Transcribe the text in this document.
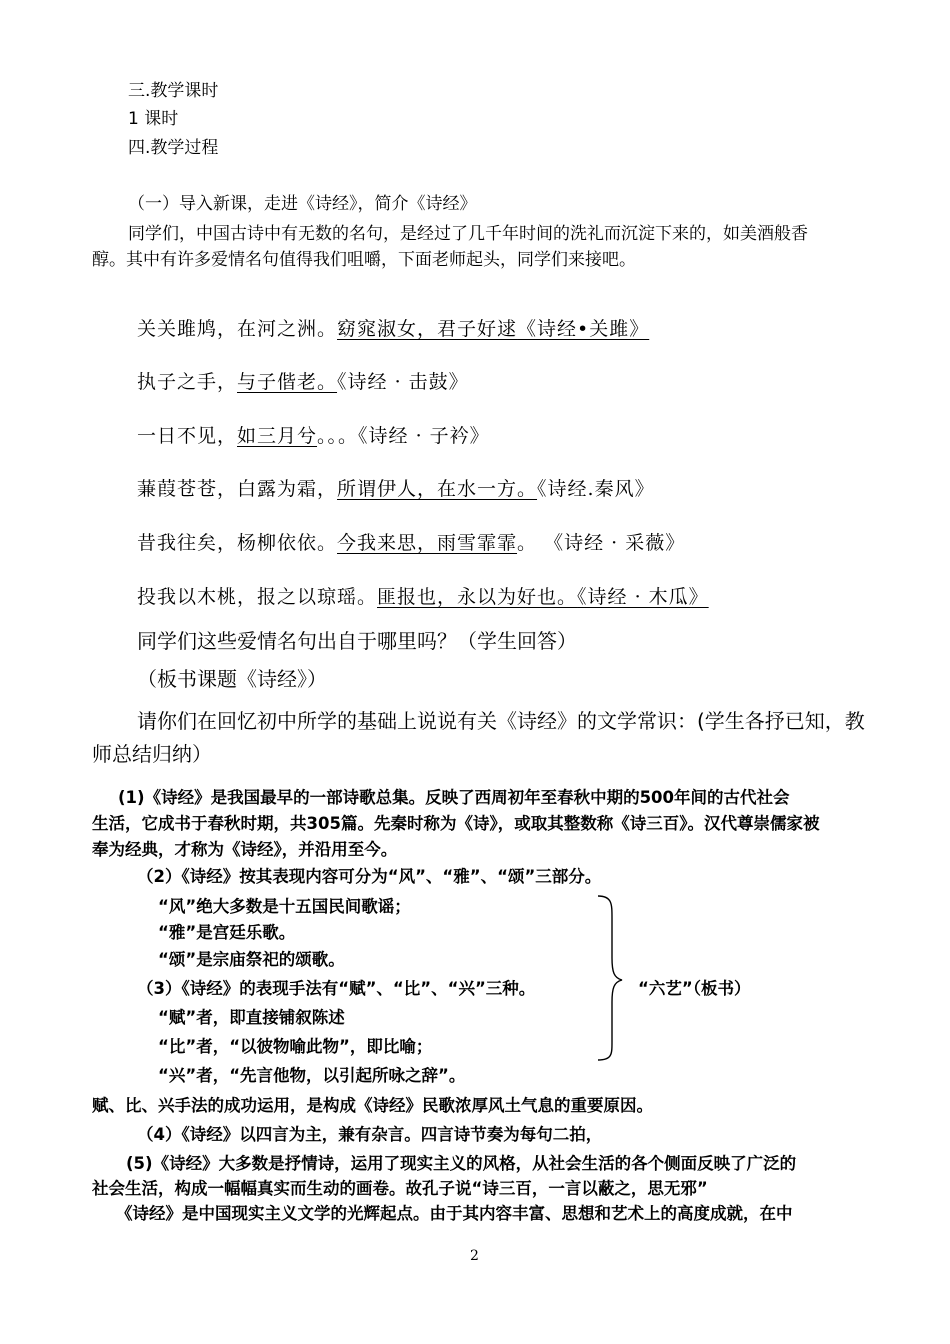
三.教学课时
1 课时
四.教学过程
（一）导入新课，走进《诗经》，简介《诗经》
同学们，中国古诗中有无数的名句，是经过了几千年时间的洗礼而沉淀下来的，如美酒般香
醇。其中有许多爱情名句值得我们咀嚼，下面老师起头，同学们来接吧。
关关雎鸠，在河之洲。窈窕淑女，君子好逑《诗经•关雎》
执子之手，与子偕老。《诗经 · 击鼓》
一日不见，如三月兮。。。《诗经 · 子衿》
蒹葭苍苍，白露为霜，所谓伊人，在水一方。《诗经.秦风》
昔我往矣，杨柳依依。今我来思，雨雪霏霏。 《诗经 · 采薇》
投我以木桃，报之以琼瑶。匪报也，永以为好也。《诗经 · 木瓜》
同学们这些爱情名句出自于哪里吗？（学生回答）
（板书课题《诗经》）
请你们在回忆初中所学的基础上说说有关《诗经》的文学常识：(学生各抒已知，教
师总结归纳）
(1)《诗经》是我国最早的一部诗歌总集。反映了西周初年至春秋中期的500年间的古代社会
生活，它成书于春秋时期，共305篇。先秦时称为《诗》，或取其整数称《诗三百》。汉代尊崇儒家被
奉为经典，才称为《诗经》，并沿用至今。
（2）《诗经》按其表现内容可分为“风”、“雅”、“颂”三部分。
“风”绝大多数是十五国民间歌谣；
“雅”是宫廷乐歌。
“颂”是宗庙祭祀的颂歌。
（3）《诗经》的表现手法有“赋”、“比”、“兴”三种。	“六艺”（板书）
“赋”者，即直接铺叙陈述
“比”者，“以彼物喻此物”，即比喻；
“兴”者，“先言他物，以引起所咏之辞”。
赋、比、兴手法的成功运用，是构成《诗经》民歌浓厚风土气息的重要原因。
（4）《诗经》以四言为主，兼有杂言。四言诗节奏为每句二拍，
(5)《诗经》大多数是抒情诗，运用了现实主义的风格，从社会生活的各个侧面反映了广泛的
社会生活，构成一幅幅真实而生动的画卷。故孔子说“诗三百，一言以蔽之，思无邪”
《诗经》是中国现实主义文学的光辉起点。由于其内容丰富、思想和艺术上的高度成就，在中
2
